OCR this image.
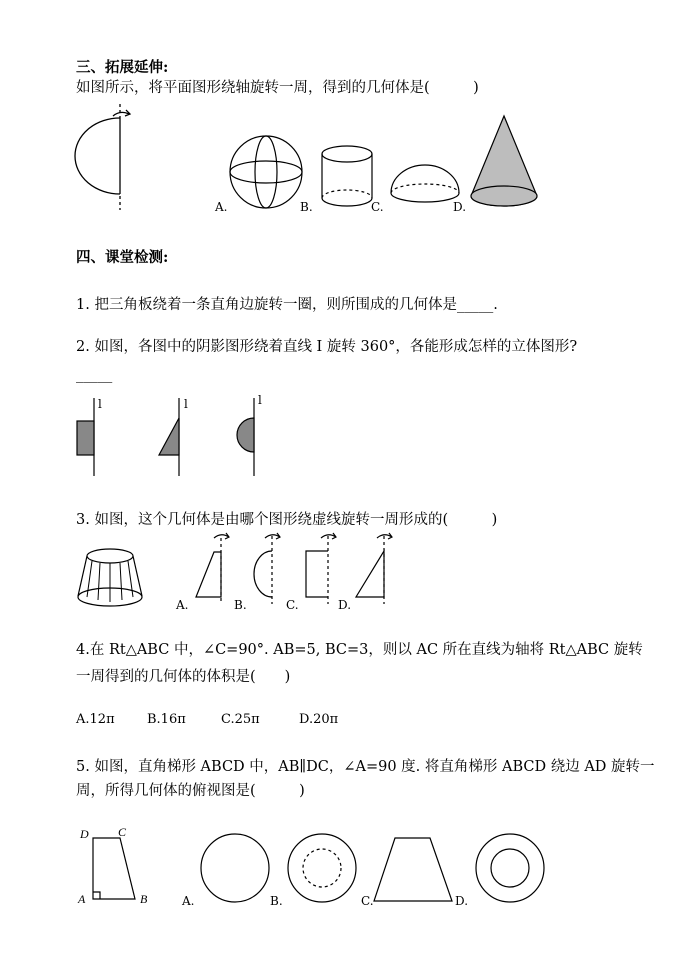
三、拓展延伸:
如图所示，将平面图形绕轴旋转一周，得到的几何体是(　　　)
A.	B.	C.	D.
四、课堂检测:
1. 把三角板绕着一条直角边旋转一圈，则所围成的几何体是_____.
2. 如图，各图中的阴影图形绕着直线 I 旋转 360°，各能形成怎样的立体图形?
_____
l	l	l
3. 如图，这个几何体是由哪个图形绕虚线旋转一周形成的(　　　)
A.	B.	C.	D.
4.在 Rt△ABC 中，∠C=90°. AB=5, BC=3，则以 AC 所在直线为轴将 Rt△ABC 旋转
一周得到的几何体的体积是(　　)
A.12π B.16π	C.25π	D.20π
5. 如图，直角梯形 ABCD 中，AB∥DC，∠A=90 度. 将直角梯形 ABCD 绕边 AD 旋转一
周，所得几何体的俯视图是(　　　)
D C
A	B	A.	B.	C.	D.
